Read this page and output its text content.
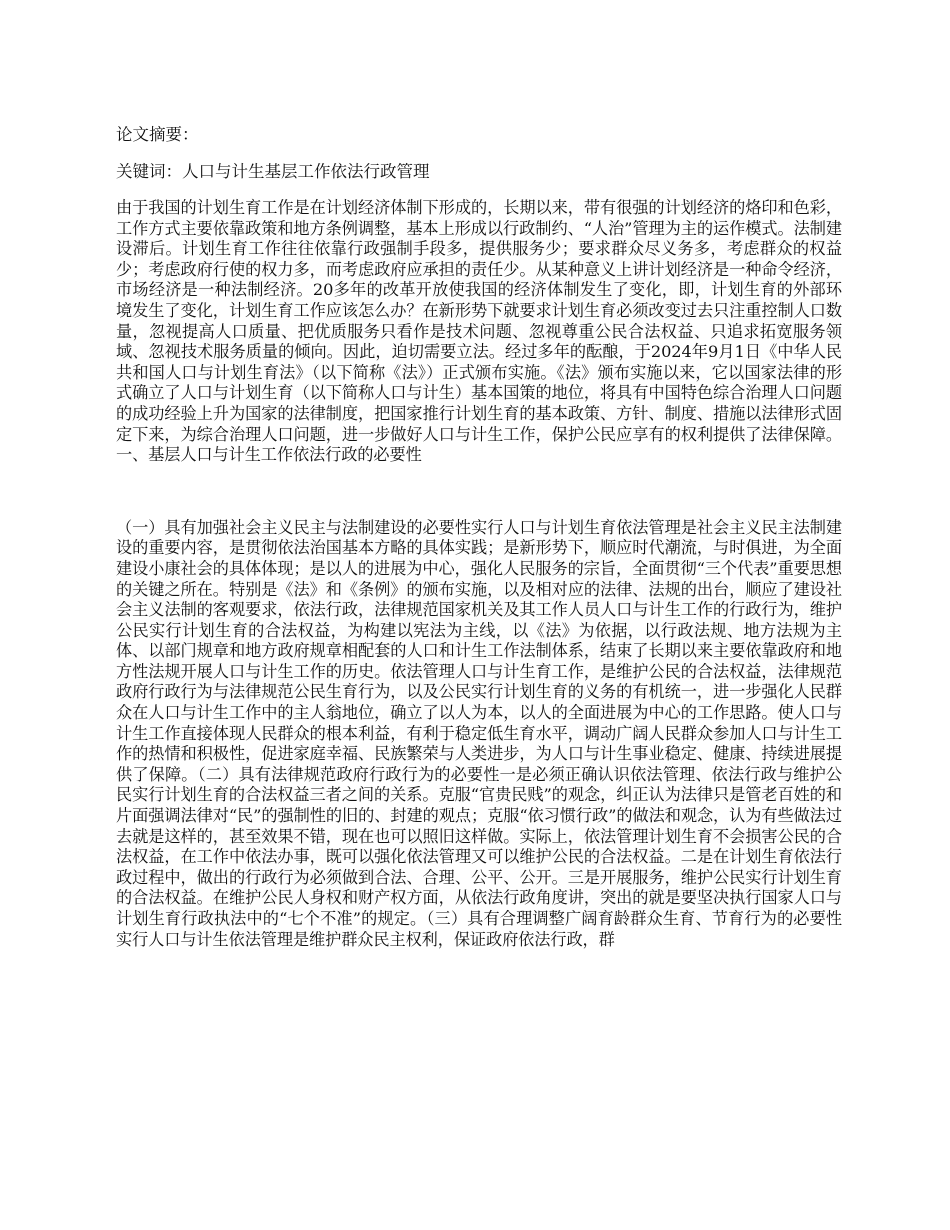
论文摘要：

关键词：人口与计生基层工作依法行政管理

由于我国的计划生育工作是在计划经济体制下形成的，长期以来，带有很强的计划经济的烙印和色彩，工作方式主要依靠政策和地方条例调整，基本上形成以行政制约、“人治”管理为主的运作模式。法制建设滞后。计划生育工作往往依靠行政强制手段多，提供服务少；要求群众尽义务多，考虑群众的权益少；考虑政府行使的权力多，而考虑政府应承担的责任少。从某种意义上讲计划经济是一种命令经济，市场经济是一种法制经济。20多年的改革开放使我国的经济体制发生了变化，即，计划生育的外部环境发生了变化，计划生育工作应该怎么办？在新形势下就要求计划生育必须改变过去只注重控制人口数量，忽视提高人口质量、把优质服务只看作是技术问题、忽视尊重公民合法权益、只追求拓宽服务领域、忽视技术服务质量的倾向。因此，迫切需要立法。经过多年的酝酿，于2024年9月1日《中华人民共和国人口与计划生育法》（以下简称《法》）正式颁布实施。《法》颁布实施以来，它以国家法律的形式确立了人口与计划生育（以下简称人口与计生）基本国策的地位，将具有中国特色综合治理人口问题的成功经验上升为国家的法律制度，把国家推行计划生育的基本政策、方针、制度、措施以法律形式固定下来，为综合治理人口问题，进一步做好人口与计生工作，保护公民应享有的权利提供了法律保障。一、基层人口与计生工作依法行政的必要性

（一）具有加强社会主义民主与法制建设的必要性实行人口与计划生育依法管理是社会主义民主法制建设的重要内容，是贯彻依法治国基本方略的具体实践；是新形势下，顺应时代潮流，与时俱进，为全面建设小康社会的具体体现；是以人的进展为中心，强化人民服务的宗旨，全面贯彻“三个代表”重要思想的关键之所在。特别是《法》和《条例》的颁布实施，以及相对应的法律、法规的出台，顺应了建设社会主义法制的客观要求，依法行政，法律规范国家机关及其工作人员人口与计生工作的行政行为，维护公民实行计划生育的合法权益，为构建以宪法为主线，以《法》为依据，以行政法规、地方法规为主体、以部门规章和地方政府规章相配套的人口和计生工作法制体系，结束了长期以来主要依靠政府和地方性法规开展人口与计生工作的历史。依法管理人口与计生育工作，是维护公民的合法权益，法律规范政府行政行为与法律规范公民生育行为，以及公民实行计划生育的义务的有机统一，进一步强化人民群众在人口与计生工作中的主人翁地位，确立了以人为本，以人的全面进展为中心的工作思路。使人口与计生工作直接体现人民群众的根本利益，有利于稳定低生育水平，调动广阔人民群众参加人口与计生工作的热情和积极性，促进家庭幸福、民族繁荣与人类进步，为人口与计生事业稳定、健康、持续进展提供了保障。（二）具有法律规范政府行政行为的必要性一是必须正确认识依法管理、依法行政与维护公民实行计划生育的合法权益三者之间的关系。克服“官贵民贱”的观念，纠正认为法律只是管老百姓的和片面强调法律对“民”的强制性的旧的、封建的观点；克服“依习惯行政”的做法和观念，认为有些做法过去就是这样的，甚至效果不错，现在也可以照旧这样做。实际上，依法管理计划生育不会损害公民的合法权益，在工作中依法办事，既可以强化依法管理又可以维护公民的合法权益。二是在计划生育依法行政过程中，做出的行政行为必须做到合法、合理、公平、公开。三是开展服务，维护公民实行计划生育的合法权益。在维护公民人身权和财产权方面，从依法行政角度讲，突出的就是要坚决执行国家人口与计划生育行政执法中的“七个不准”的规定。（三）具有合理调整广阔育龄群众生育、节育行为的必要性实行人口与计生依法管理是维护群众民主权利，保证政府依法行政，群
